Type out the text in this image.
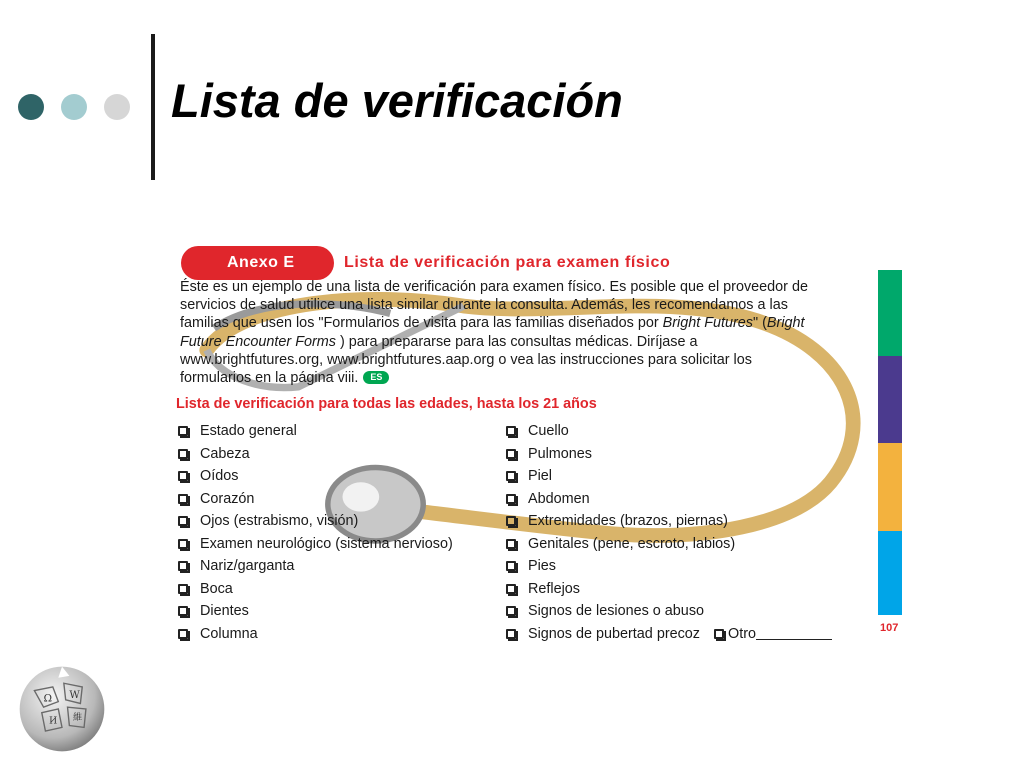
Lista de verificación
Anexo E	Lista de verificación para examen físico
Éste es un ejemplo de una lista de verificación para examen físico. Es posible que el proveedor de
servicios de salud utilice una lista similar durante la consulta. Además, les recomendamos a las
familias que usen los "Formularios de visita para las familias diseñados por Bright Futures" (Bright
Future Encounter Forms ) para prepararse para las consultas médicas. Diríjase a
www.brightfutures.org, www.brightfutures.aap.org o vea las instrucciones para solicitar los
formularios en la página viii. ES
Lista de verificación para todas las edades, hasta los 21 años
Estado general
Cabeza
Oídos
Corazón
Ojos (estrabismo, visión)
Examen neurológico (sistema nervioso)
Nariz/garganta
Boca
Dientes
Columna
Cuello
Pulmones
Piel
Abdomen
Extremidades (brazos, piernas)
Genitales (pene, escroto, labios)
Pies
Reflejos
Signos de lesiones o abuso
Signos de pubertad precoz Otro	107
Ω W
И 維
